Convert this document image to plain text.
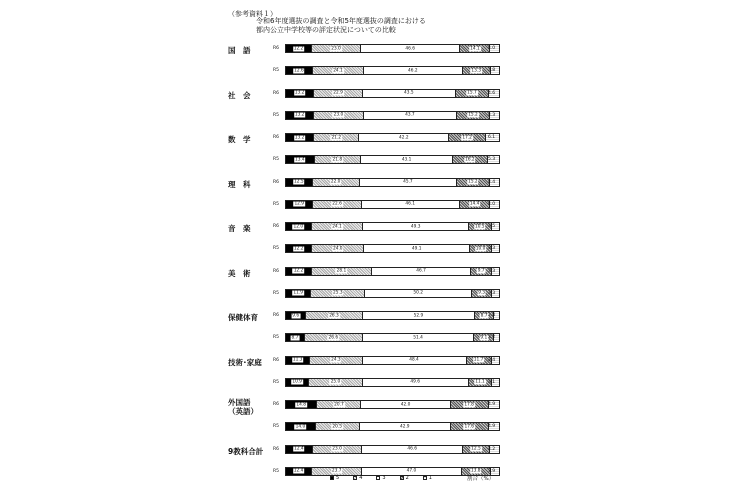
（参考資料１）
令和6年度選抜の調査と令和5年度選抜の調査における
都内公立中学校等の評定状況についての比較
国　語	R6	12.2	23.0	46.6	14.1 4.0
R5	12.6	24.1	46.2	13.3 3.8
社　会	R6	13.2	22.9	43.5	15.7	4.6
R5	13.2	23.0	43.7	15.2 4.3
数　学	R6	13.2	21.2	42.2	17.2	6.1
R5	13.4	21.8	43.1	16.2	5.3
理　科	R6	12.5	22.0	45.7	15.2 4.4
R5	12.9	22.6	46.1	14.4 4.0
音　楽	R6	12.0	24.1	49.3	10.5 3.5
R5	12.2	24.0	49.1	10.0 3.3
美　術	R6	12.2	28.1	46.7	9.7 3.3
R5	11.9	25.3	50.2	9.3 3.3
保健体育	R6	9.6	26.3	52.9	8.7 2.4
R5	8.7	26.6	51.4	9.1 2.2
技術･家庭	R6	11.3	24.3	48.4	11.7 3.4
R5	10.9	25.0	49.6	11.1 3.1
外国語
（英語）
R6	14.8	20.7	42.0	17.8	4.9
R5	14.0	20.5	42.9	17.6	4.9
9教科合計 R6	12.4	23.0	46.6	12.5 4.2
R5	12.4	23.7	47.0	13.8 3.9
5	4	3	2	1	割合（%）
